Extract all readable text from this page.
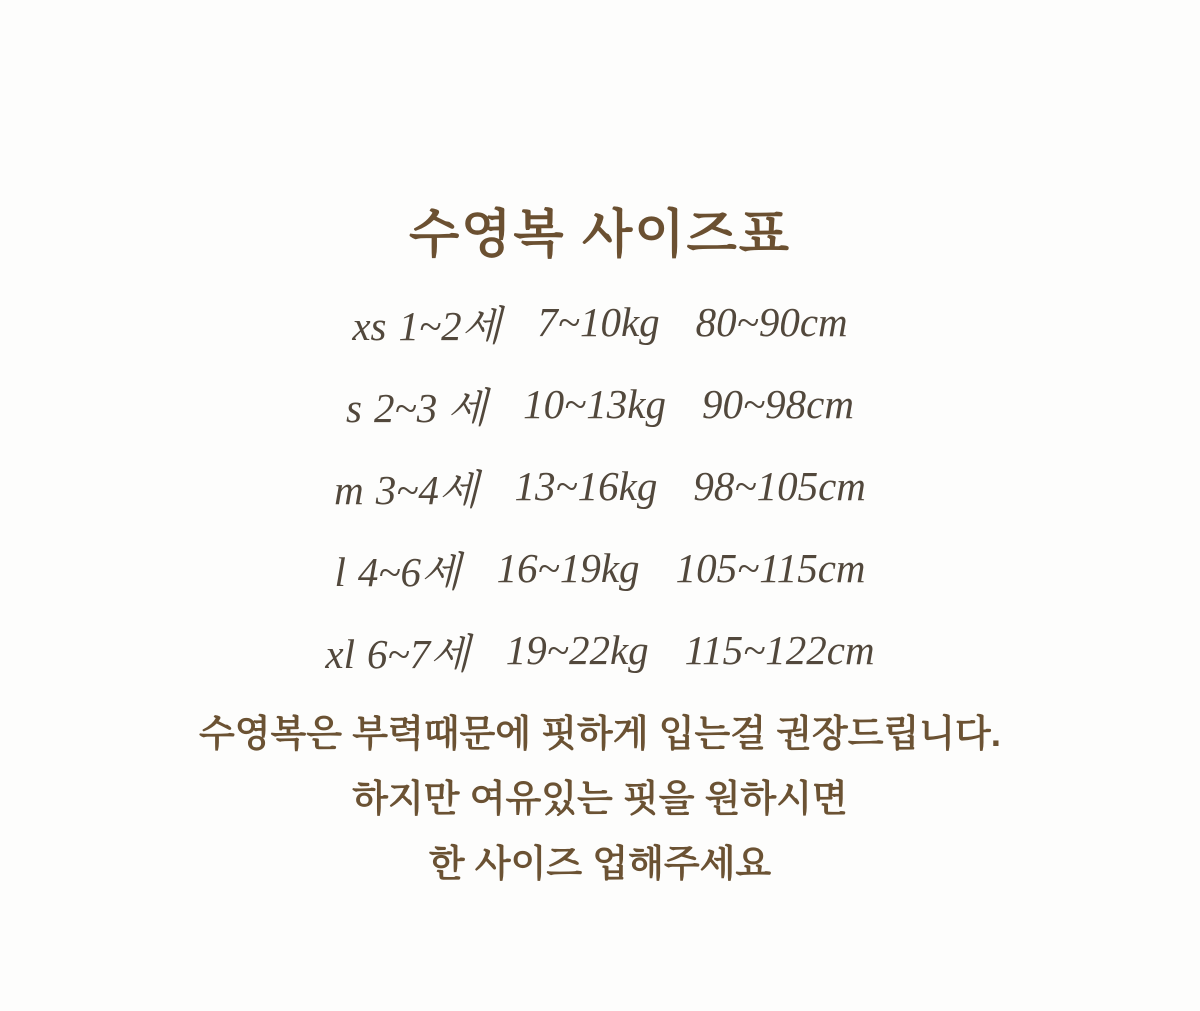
수영복 사이즈표
xs 1~2세 7~10kg 80~90cm
s 2~3 세 10~13kg 90~98cm
m 3~4세 13~16kg 98~105cm
l 4~6세 16~19kg 105~115cm
xl 6~7세 19~22kg 115~122cm

수영복은 부력때문에 핏하게 입는걸 권장드립니다.

하지만 여유있는 핏을 원하시면

한 사이즈 업해주세요
